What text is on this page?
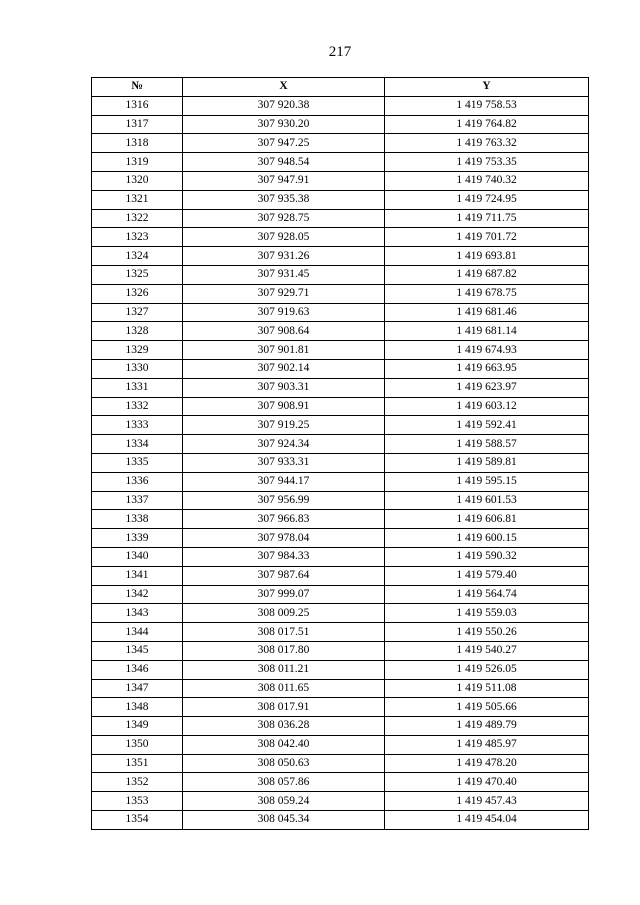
217
№	X	Y
1316	307 920.38	1 419 758.53
1317	307 930.20	1 419 764.82
1318	307 947.25	1 419 763.32
1319	307 948.54	1 419 753.35
1320	307 947.91	1 419 740.32
1321	307 935.38	1 419 724.95
1322	307 928.75	1 419 711.75
1323	307 928.05	1 419 701.72
1324	307 931.26	1 419 693.81
1325	307 931.45	1 419 687.82
1326	307 929.71	1 419 678.75
1327	307 919.63	1 419 681.46
1328	307 908.64	1 419 681.14
1329	307 901.81	1 419 674.93
1330	307 902.14	1 419 663.95
1331	307 903.31	1 419 623.97
1332	307 908.91	1 419 603.12
1333	307 919.25	1 419 592.41
1334	307 924.34	1 419 588.57
1335	307 933.31	1 419 589.81
1336	307 944.17	1 419 595.15
1337	307 956.99	1 419 601.53
1338	307 966.83	1 419 606.81
1339	307 978.04	1 419 600.15
1340	307 984.33	1 419 590.32
1341	307 987.64	1 419 579.40
1342	307 999.07	1 419 564.74
1343	308 009.25	1 419 559.03
1344	308 017.51	1 419 550.26
1345	308 017.80	1 419 540.27
1346	308 011.21	1 419 526.05
1347	308 011.65	1 419 511.08
1348	308 017.91	1 419 505.66
1349	308 036.28	1 419 489.79
1350	308 042.40	1 419 485.97
1351	308 050.63	1 419 478.20
1352	308 057.86	1 419 470.40
1353	308 059.24	1 419 457.43
1354	308 045.34	1 419 454.04
